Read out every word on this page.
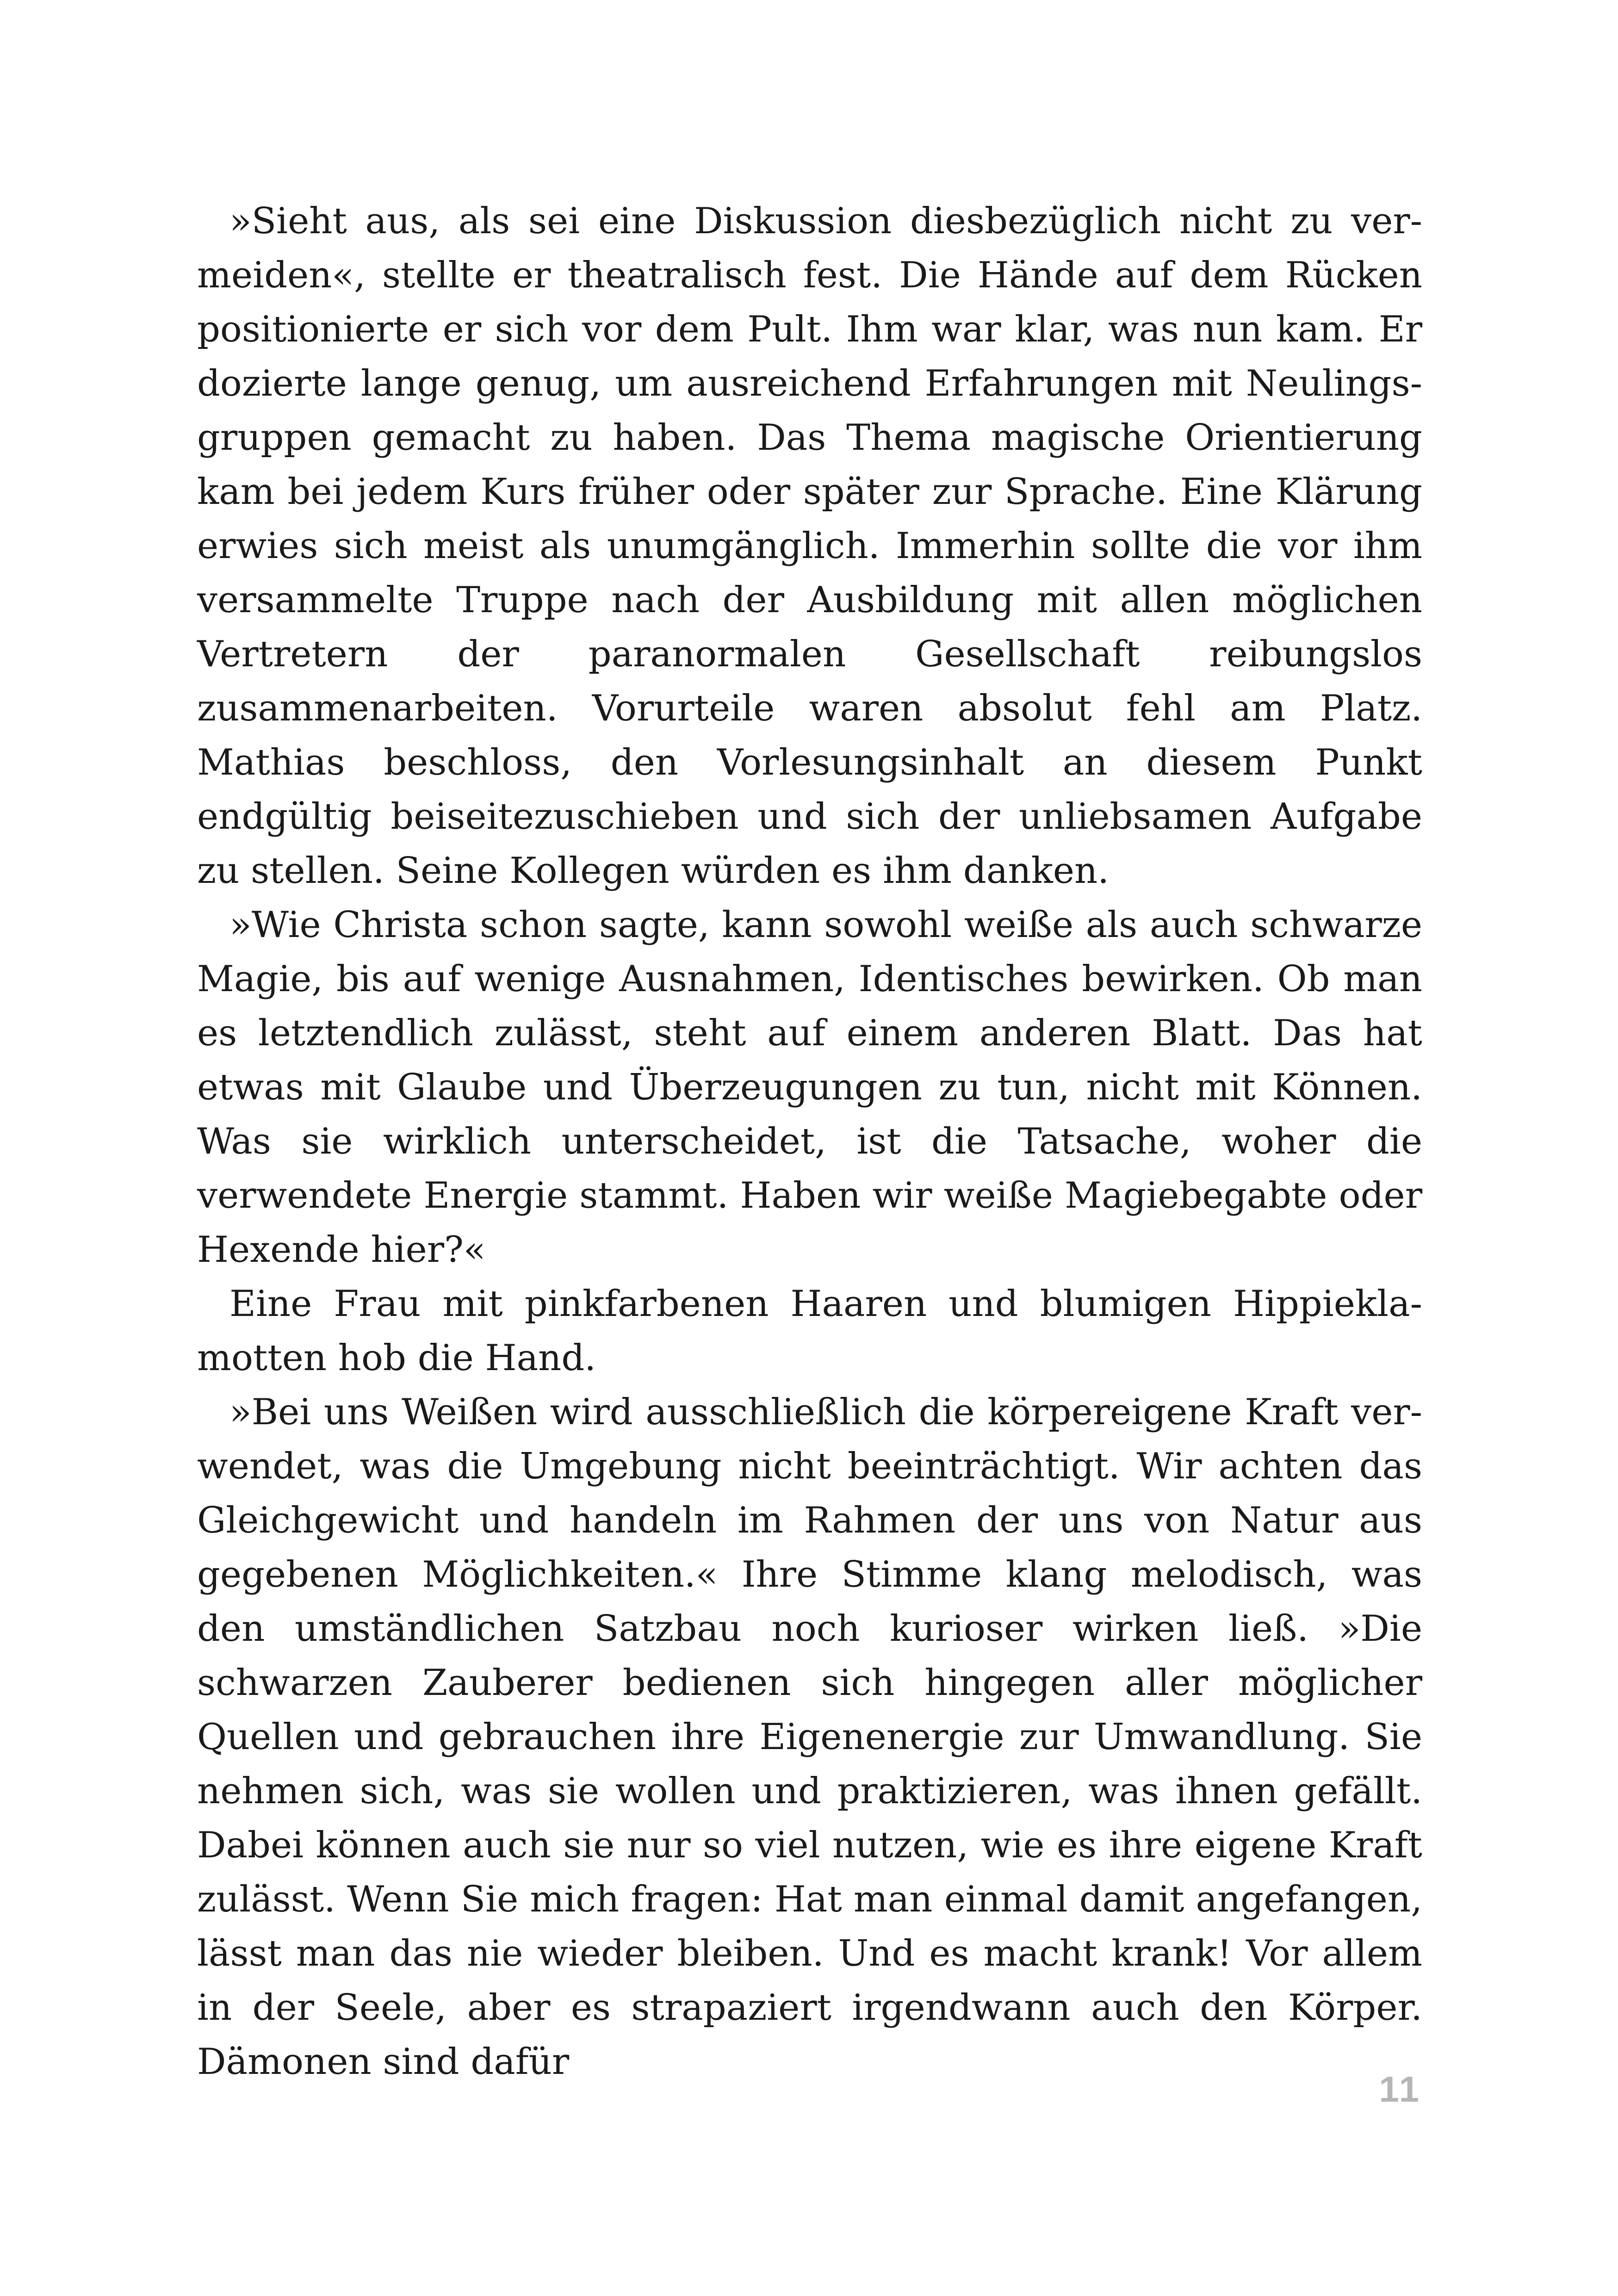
»Sieht aus, als sei eine Diskussion diesbezüglich nicht zu vermeiden«, stellte er theatralisch fest. Die Hände auf dem Rücken positionierte er sich vor dem Pult. Ihm war klar, was nun kam. Er dozierte lange genug, um ausreichend Erfahrungen mit Neulingsgruppen gemacht zu haben. Das Thema magische Orientierung kam bei jedem Kurs früher oder später zur Sprache. Eine Klärung erwies sich meist als unumgänglich. Immerhin sollte die vor ihm versammelte Truppe nach der Ausbildung mit allen möglichen Vertretern der paranormalen Gesellschaft reibungslos zusammenarbeiten. Vorurteile waren absolut fehl am Platz. Mathias beschloss, den Vorlesungsinhalt an diesem Punkt endgültig beiseitezuschieben und sich der unliebsamen Aufgabe zu stellen. Seine Kollegen würden es ihm danken.

»Wie Christa schon sagte, kann sowohl weiße als auch schwarze Magie, bis auf wenige Ausnahmen, Identisches bewirken. Ob man es letztendlich zulässt, steht auf einem anderen Blatt. Das hat etwas mit Glaube und Überzeugungen zu tun, nicht mit Können. Was sie wirklich unterscheidet, ist die Tatsache, woher die verwendete Energie stammt. Haben wir weiße Magiebegabte oder Hexende hier?«

Eine Frau mit pinkfarbenen Haaren und blumigen Hippieklamotten hob die Hand.

»Bei uns Weißen wird ausschließlich die körpereigene Kraft verwendet, was die Umgebung nicht beeinträchtigt. Wir achten das Gleichgewicht und handeln im Rahmen der uns von Natur aus gegebenen Möglichkeiten.« Ihre Stimme klang melodisch, was den umständlichen Satzbau noch kurioser wirken ließ. »Die schwarzen Zauberer bedienen sich hingegen aller möglicher Quellen und gebrauchen ihre Eigenenergie zur Umwandlung. Sie nehmen sich, was sie wollen und praktizieren, was ihnen gefällt. Dabei können auch sie nur so viel nutzen, wie es ihre eigene Kraft zulässt. Wenn Sie mich fragen: Hat man einmal damit angefangen, lässt man das nie wieder bleiben. Und es macht krank! Vor allem in der Seele, aber es strapaziert irgendwann auch den Körper. Dämonen sind dafür

11
